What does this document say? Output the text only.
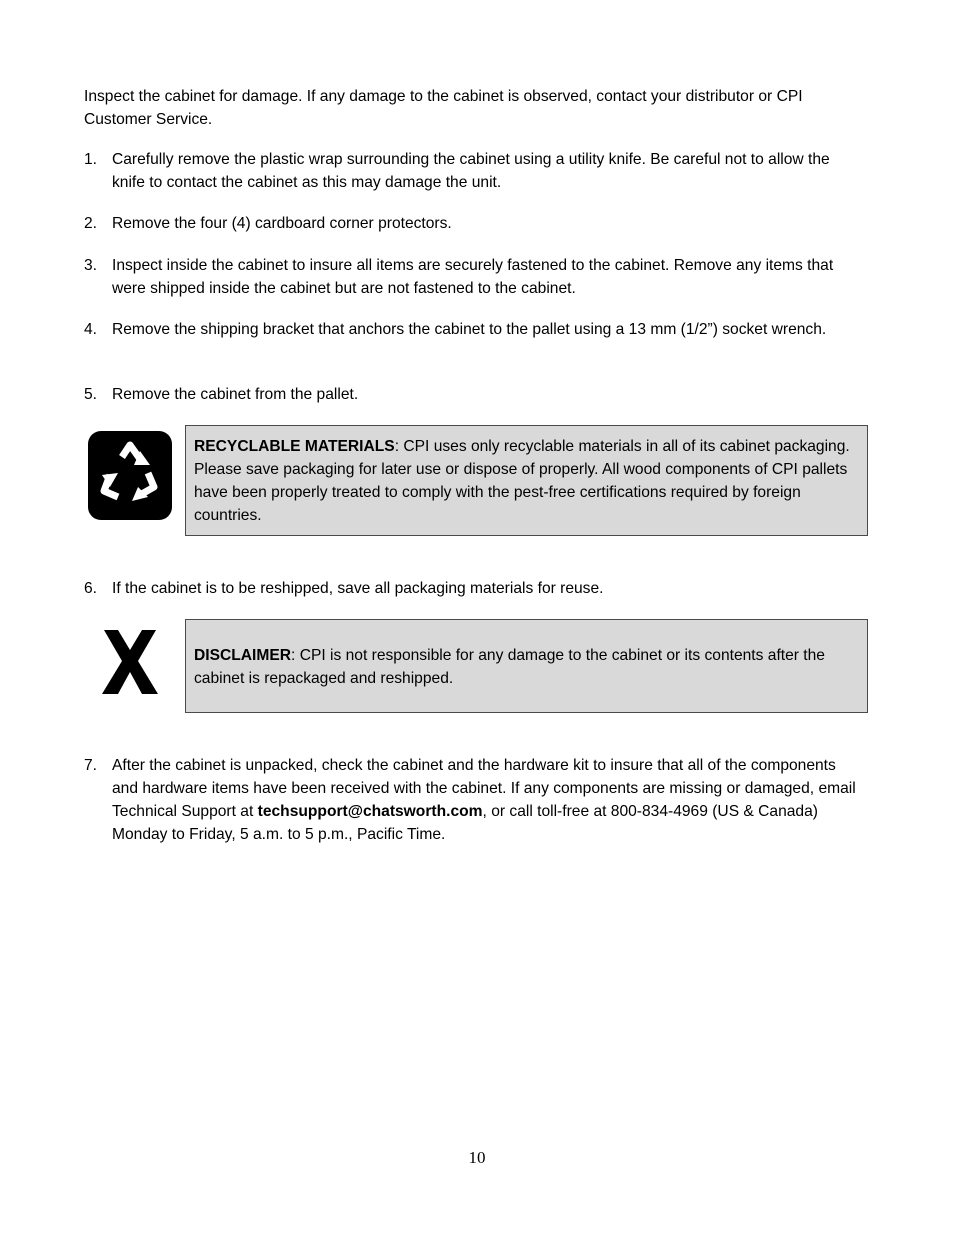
Inspect the cabinet for damage. If any damage to the cabinet is observed, contact your distributor or CPI Customer Service.
1. Carefully remove the plastic wrap surrounding the cabinet using a utility knife. Be careful not to allow the knife to contact the cabinet as this may damage the unit.
2. Remove the four (4) cardboard corner protectors.
3. Inspect inside the cabinet to insure all items are securely fastened to the cabinet. Remove any items that were shipped inside the cabinet but are not fastened to the cabinet.
4. Remove the shipping bracket that anchors the cabinet to the pallet using a 13 mm (1/2”) socket wrench.
5. Remove the cabinet from the pallet.
RECYCLABLE MATERIALS: CPI uses only recyclable materials in all of its cabinet packaging. Please save packaging for later use or dispose of properly. All wood components of CPI pallets have been properly treated to comply with the pest-free certifications required by foreign countries.
6. If the cabinet is to be reshipped, save all packaging materials for reuse.
DISCLAIMER: CPI is not responsible for any damage to the cabinet or its contents after the cabinet is repackaged and reshipped.
7. After the cabinet is unpacked, check the cabinet and the hardware kit to insure that all of the components and hardware items have been received with the cabinet. If any components are missing or damaged, email Technical Support at techsupport@chatsworth.com, or call toll-free at 800-834-4969 (US & Canada) Monday to Friday, 5 a.m. to 5 p.m., Pacific Time.
10
